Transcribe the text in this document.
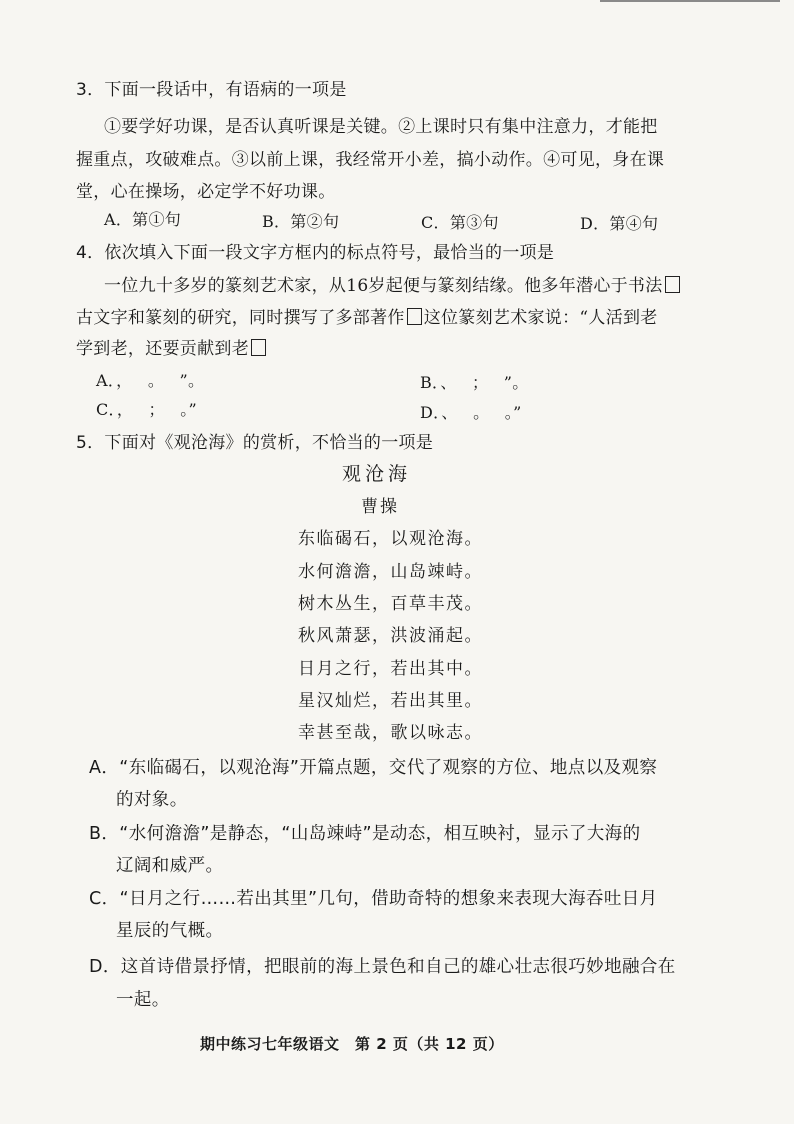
3．下面一段话中，有语病的一项是
①要学好功课，是否认真听课是关键。②上课时只有集中注意力，才能把
握重点，攻破难点。③以前上课，我经常开小差，搞小动作。④可见，身在课
堂，心在操场，必定学不好功课。
A．第①句	B．第②句	C．第③句	D．第④句
4．依次填入下面一段文字方框内的标点符号，最恰当的一项是
一位九十多岁的篆刻艺术家，从16岁起便与篆刻结缘。他多年潜心于书法
古文字和篆刻的研究，同时撰写了多部著作 这位篆刻艺术家说：“人活到老
学到老，还要贡献到老
A．， 。 ”。	B．、 ； ”。
C．， ； 。”	D．、 。 。”
5．下面对《观沧海》的赏析，不恰当的一项是
观沧海
曹操
东临碣石，以观沧海。
水何澹澹，山岛竦峙。
树木丛生，百草丰茂。
秋风萧瑟，洪波涌起。
日月之行，若出其中。
星汉灿烂，若出其里。
幸甚至哉，歌以咏志。
A．“东临碣石，以观沧海”开篇点题，交代了观察的方位、地点以及观察
的对象。
B．“水何澹澹”是静态，“山岛竦峙”是动态，相互映衬，显示了大海的
辽阔和威严。
C．“日月之行……若出其里”几句，借助奇特的想象来表现大海吞吐日月
星辰的气概。
D．这首诗借景抒情，把眼前的海上景色和自己的雄心壮志很巧妙地融合在
一起。
期中练习七年级语文　第 2 页（共 12 页）
